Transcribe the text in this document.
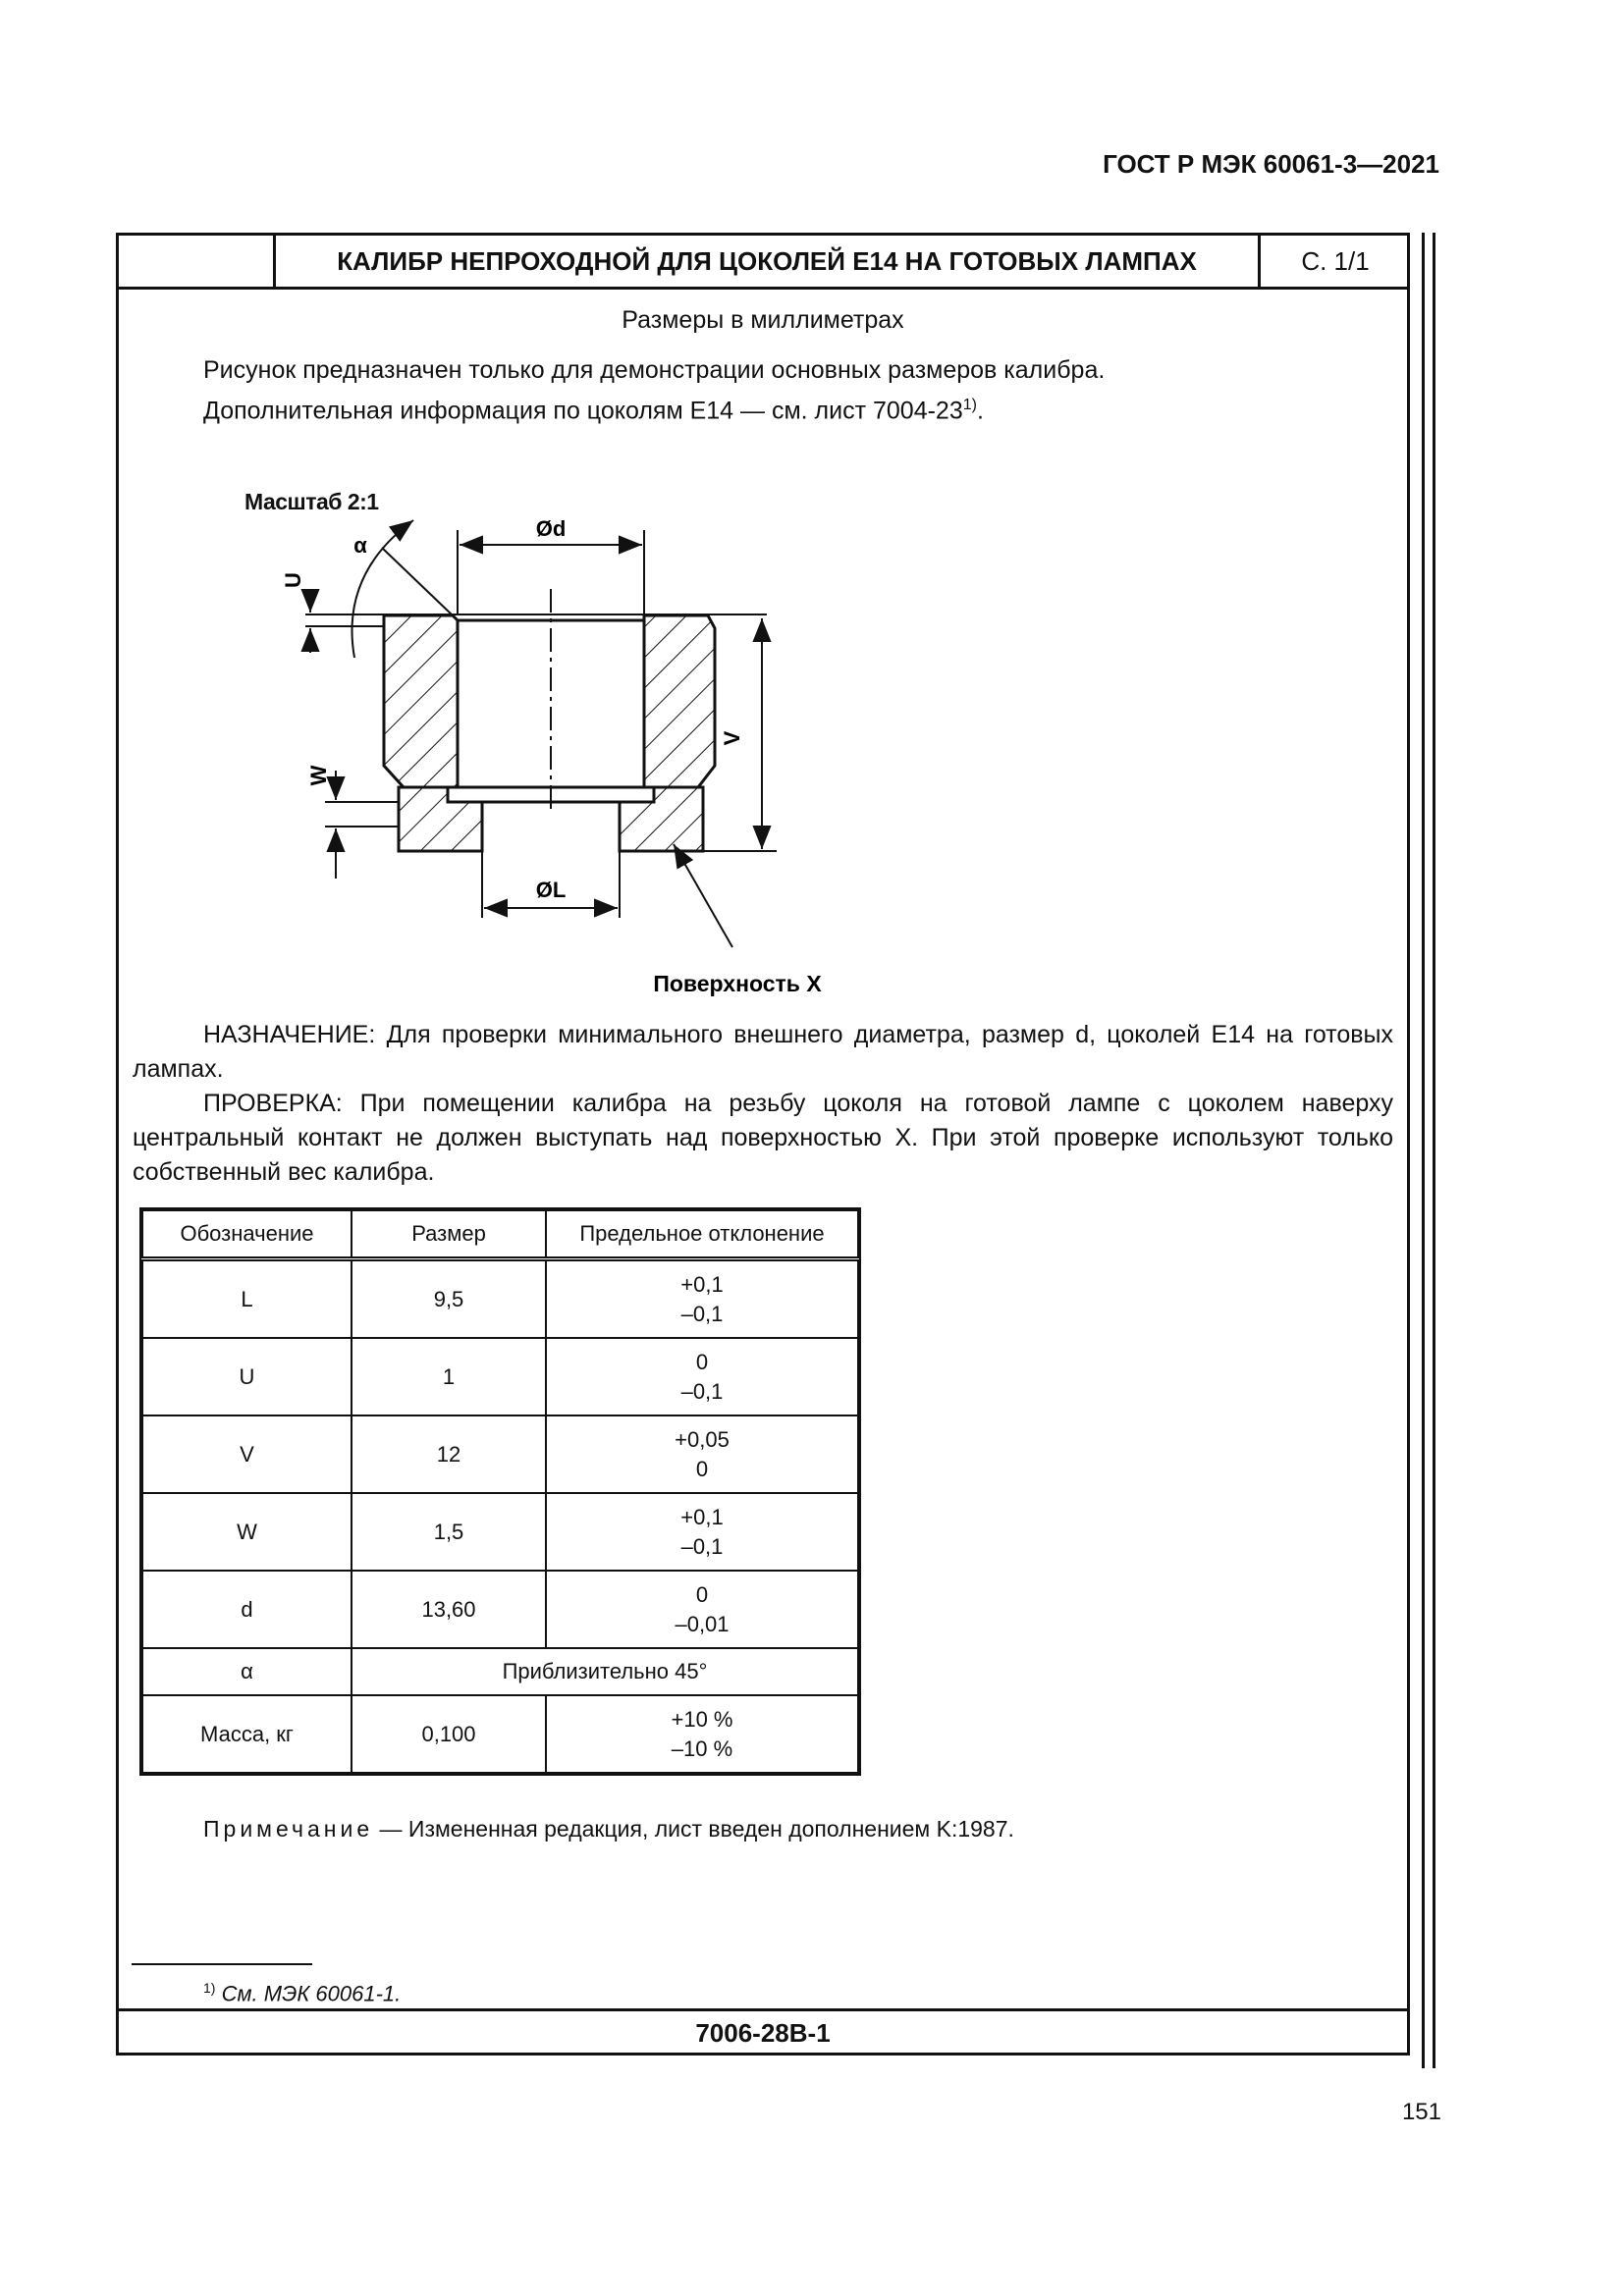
ГОСТ Р МЭК 60061-3—2021
КАЛИБР НЕПРОХОДНОЙ ДЛЯ ЦОКОЛЕЙ Е14 НА ГОТОВЫХ ЛАМПАХ	С. 1/1
Размеры в миллиметрах
Рисунок предназначен только для демонстрации основных размеров калибра.
Дополнительная информация по цоколям Е14 — см. лист 7004-23$^{1)}$.
Масштаб 2:1
Ød
ØL
V
U
W
α
Поверхность X
НАЗНАЧЕНИЕ: Для проверки минимального внешнего диаметра, размер d, цоколей Е14 на готовых лампах.
ПРОВЕРКА: При помещении калибра на резьбу цоколя на готовой лампе с цоколем наверху центральный контакт не должен выступать над поверхностью X. При этой проверке используют только собственный вес калибра.
Обозначение	Размер	Предельное отклонение
L	9,5	+0,1
–0,1

U	1	0
–0,1

V	12	+0,05
0

W	1,5	+0,1
–0,1

d	13,60	0
–0,01

α	Приблизительно 45°	
Масса, кг	0,100	+10 %
–10 %
Примечание — Измененная редакция, лист введен дополнением K:1987.
$^{1)}$ См. МЭК 60061-1.
7006-28B-1
151
